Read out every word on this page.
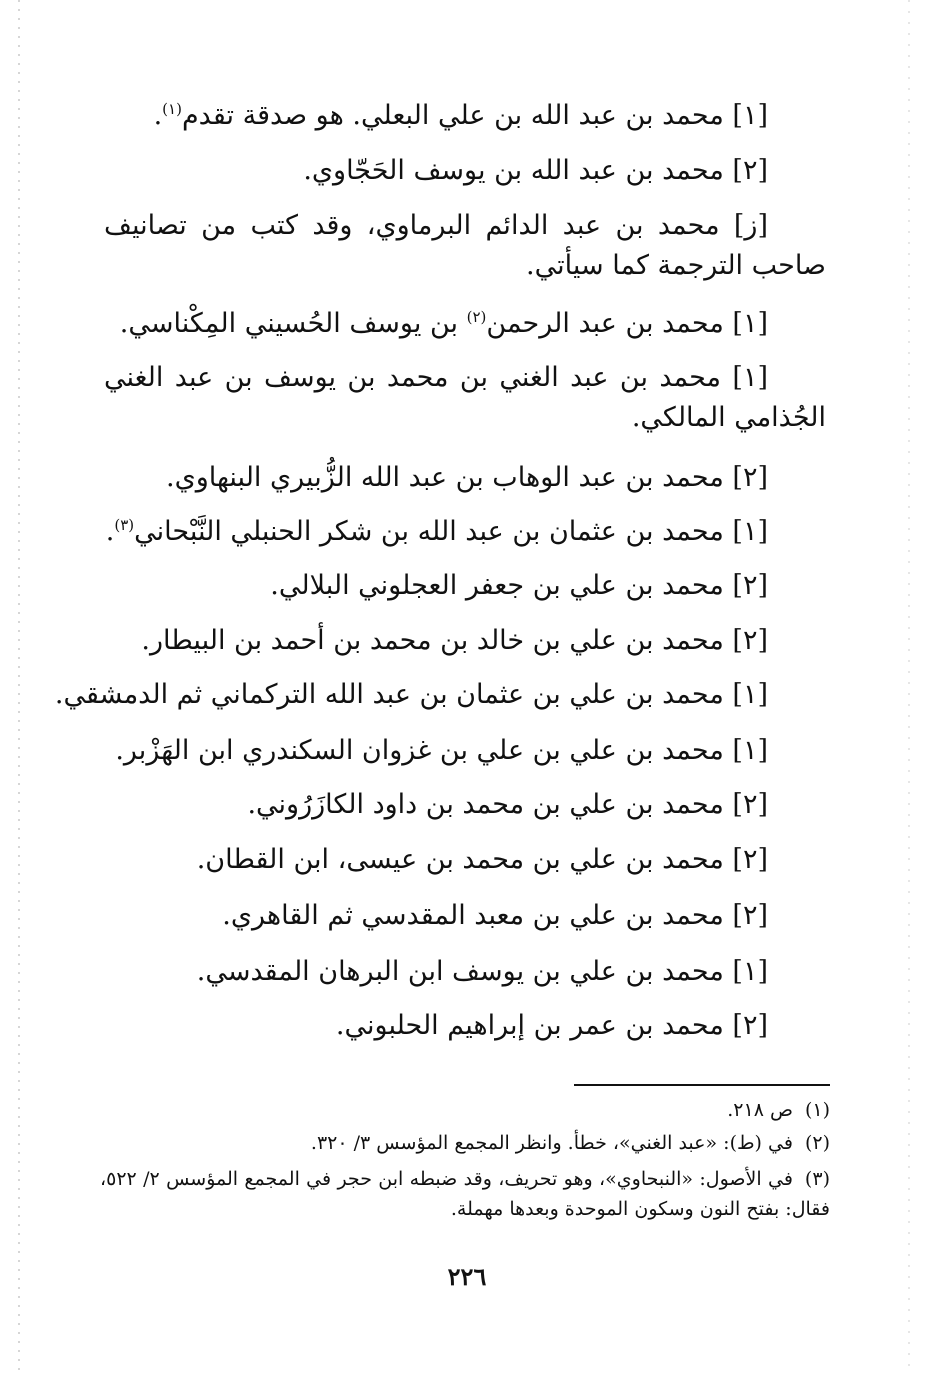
[١] محمد بن عبد الله بن علي البعلي. هو صدقة تقدم$^{(١)}$.
[٢] محمد بن عبد الله بن يوسف الحَجّاوي.
[ز] محمد بن عبد الدائم البرماوي، وقد كتب من تصانيف صاحب الترجمة كما سيأتي.
[١] محمد بن عبد الرحمن$^{(٢)}$ بن يوسف الحُسيني المِكْناسي.
[١] محمد بن عبد الغني بن محمد بن يوسف بن عبد الغني الجُذامي المالكي.
[٢] محمد بن عبد الوهاب بن عبد الله الزُّبيري البنهاوي.
[١] محمد بن عثمان بن عبد الله بن شكر الحنبلي النَّبْحاني$^{(٣)}$.
[٢] محمد بن علي بن جعفر العجلوني البلالي.
[٢] محمد بن علي بن خالد بن محمد بن أحمد بن البيطار.
[١] محمد بن علي بن عثمان بن عبد الله التركماني ثم الدمشقي.
[١] محمد بن علي بن علي بن غزوان السكندري ابن الهَزْبر.
[٢] محمد بن علي بن محمد بن داود الكازَرُوني.
[٢] محمد بن علي بن محمد بن عيسى، ابن القطان.
[٢] محمد بن علي بن معبد المقدسي ثم القاهري.
[١] محمد بن علي بن يوسف ابن البرهان المقدسي.
[٢] محمد بن عمر بن إبراهيم الحلبوني.
(١)ص ٢١٨.
(٢)في (ط): «عبد الغني»، خطأ. وانظر المجمع المؤسس ٣/ ٣٢٠.
(٣)في الأصول: «النبحاوي»، وهو تحريف، وقد ضبطه ابن حجر في المجمع المؤسس ٢/ ٥٢٢، فقال: بفتح النون وسكون الموحدة وبعدها مهملة.
٢٢٦
